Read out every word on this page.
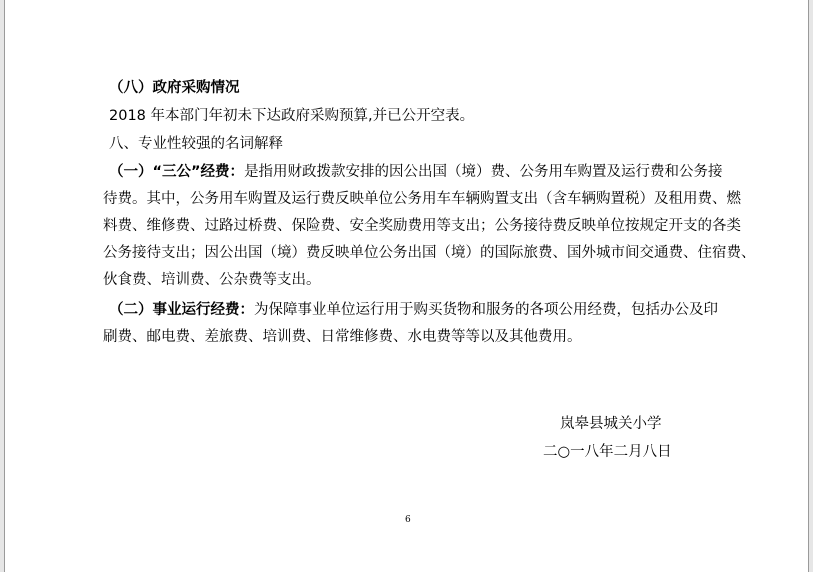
（八）政府采购情况
2018 年本部门年初未下达政府采购预算,并已公开空表。
八、专业性较强的名词解释
（一）“三公”经费：是指用财政拨款安排的因公出国（境）费、公务用车购置及运行费和公务接
待费。其中，公务用车购置及运行费反映单位公务用车车辆购置支出（含车辆购置税）及租用费、燃
料费、维修费、过路过桥费、保险费、安全奖励费用等支出；公务接待费反映单位按规定开支的各类
公务接待支出；因公出国（境）费反映单位公务出国（境）的国际旅费、国外城市间交通费、住宿费、
伙食费、培训费、公杂费等支出。
（二）事业运行经费：为保障事业单位运行用于购买货物和服务的各项公用经费，包括办公及印
刷费、邮电费、差旅费、培训费、日常维修费、水电费等等以及其他费用。
岚皋县城关小学
二○一八年二月八日
6
